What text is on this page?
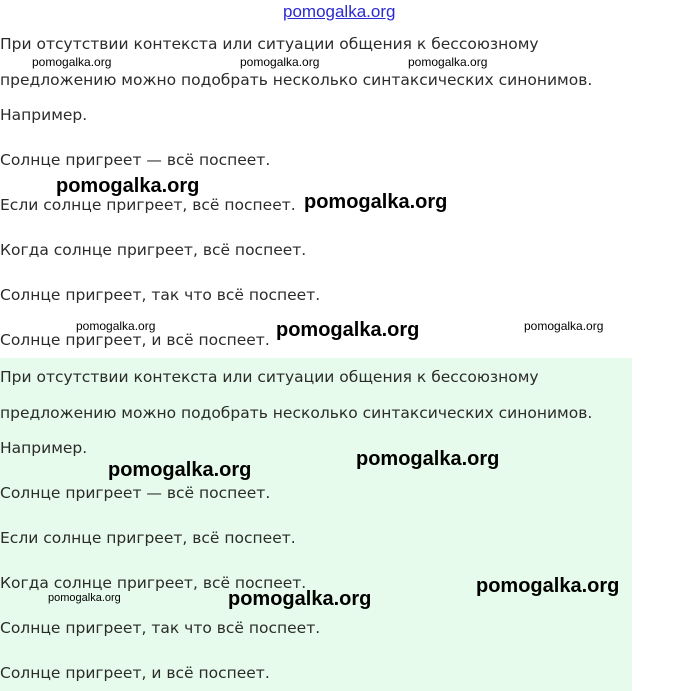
pomogalka.org
При отсутствии контекста или ситуации общения к бессоюзному
предложению можно подобрать несколько синтаксических синонимов.
Например.
Солнце пригреет — всё поспеет.
Если солнце пригреет, всё поспеет.
Когда солнце пригреет, всё поспеет.
Солнце пригреет, так что всё поспеет.
Солнце пригреет, и всё поспеет.
При отсутствии контекста или ситуации общения к бессоюзному
предложению можно подобрать несколько синтаксических синонимов.
Например.
Солнце пригреет — всё поспеет.
Если солнце пригреет, всё поспеет.
Когда солнце пригреет, всё поспеет.
Солнце пригреет, так что всё поспеет.
Солнце пригреет, и всё поспеет.
pomogalka.org	pomogalka.org	pomogalka.org
pomogalka.org
pomogalka.org
pomogalka.org	pomogalka.org	pomogalka.org
pomogalka.org	pomogalka.org
pomogalka.org
pomogalka.org	pomogalka.org
